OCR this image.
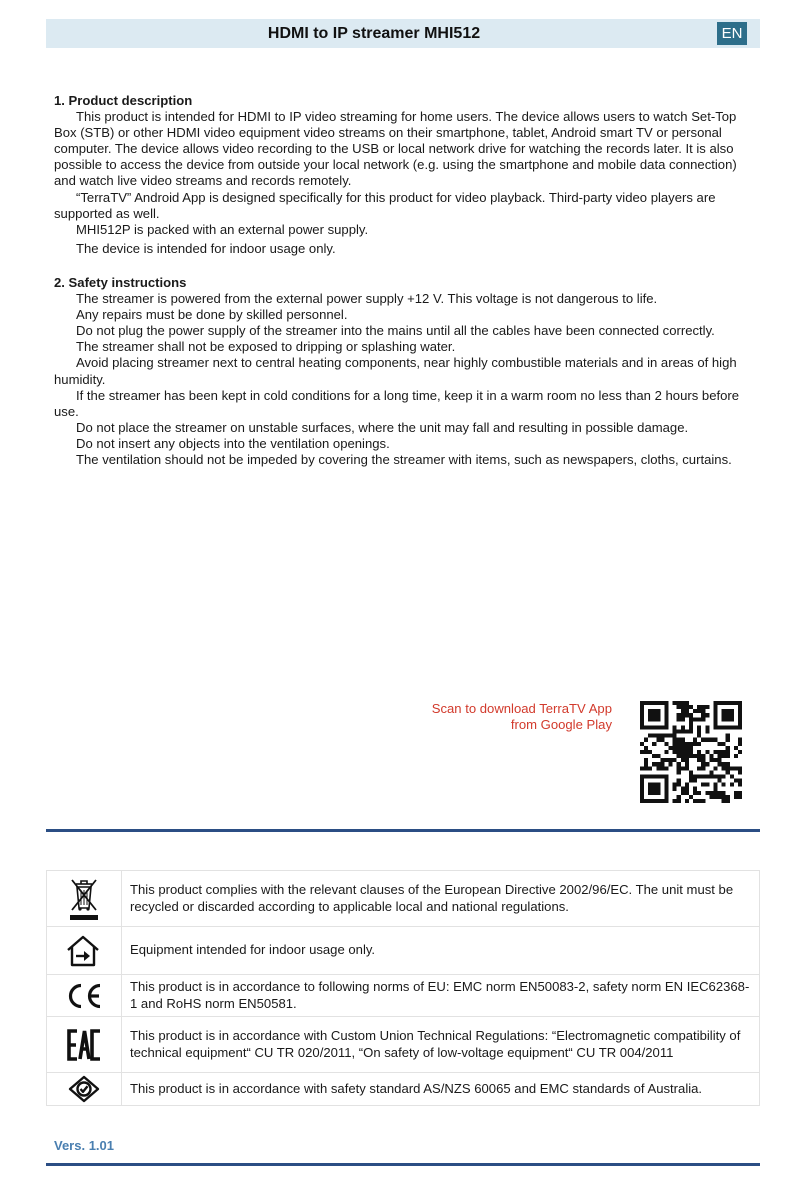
HDMI to IP streamer MHI512	EN
1. Product description

This product is intended for HDMI to IP video streaming for home users. The device allows users to watch Set-Top Box (STB) or other HDMI video equipment video streams on their smartphone, tablet, Android smart TV or personal computer. The device allows video recording to the USB or local network drive for watching the records later. It is also possible to access the device from outside your local network (e.g. using the smartphone and mobile data connection) and watch live video streams and records remotely.

“TerraTV” Android App is designed specifically for this product for video playback. Third-party video players are supported as well.

MHI512P is packed with an external power supply.

The device is intended for indoor usage only.

2. Safety instructions

The streamer is powered from the external power supply +12 V. This voltage is not dangerous to life.

Any repairs must be done by skilled personnel.

Do not plug the power supply of the streamer into the mains until all the cables have been connected correctly.

The streamer shall not be exposed to dripping or splashing water.

Avoid placing streamer next to central heating components, near highly combustible materials and in areas of high humidity.

If the streamer has been kept in cold conditions for a long time, keep it in a warm room no less than 2 hours before use.

Do not place the streamer on unstable surfaces, where the unit may fall and resulting in possible damage.

Do not insert any objects into the ventilation openings.

The ventilation should not be impeded by covering the streamer with items, such as newspapers, cloths, curtains.

Scan to download TerraTV App
from Google Play
This product complies with the relevant clauses of the European Directive 2002/96/EC. The unit must be recycled or discarded according to applicable local and national regulations.
Equipment intended for indoor usage only.
This product is in accordance to following norms of EU: EMC norm EN50083-2, safety norm EN IEC62368-1 and RoHS norm EN50581.
This product is in accordance with Custom Union Technical Regulations: “Electromagnetic compatibility of technical equipment“ CU TR 020/2011, “On safety of low-voltage equipment“ CU TR 004/2011
This product is in accordance with safety standard AS/NZS 60065 and EMC standards of Australia.
Vers. 1.01
